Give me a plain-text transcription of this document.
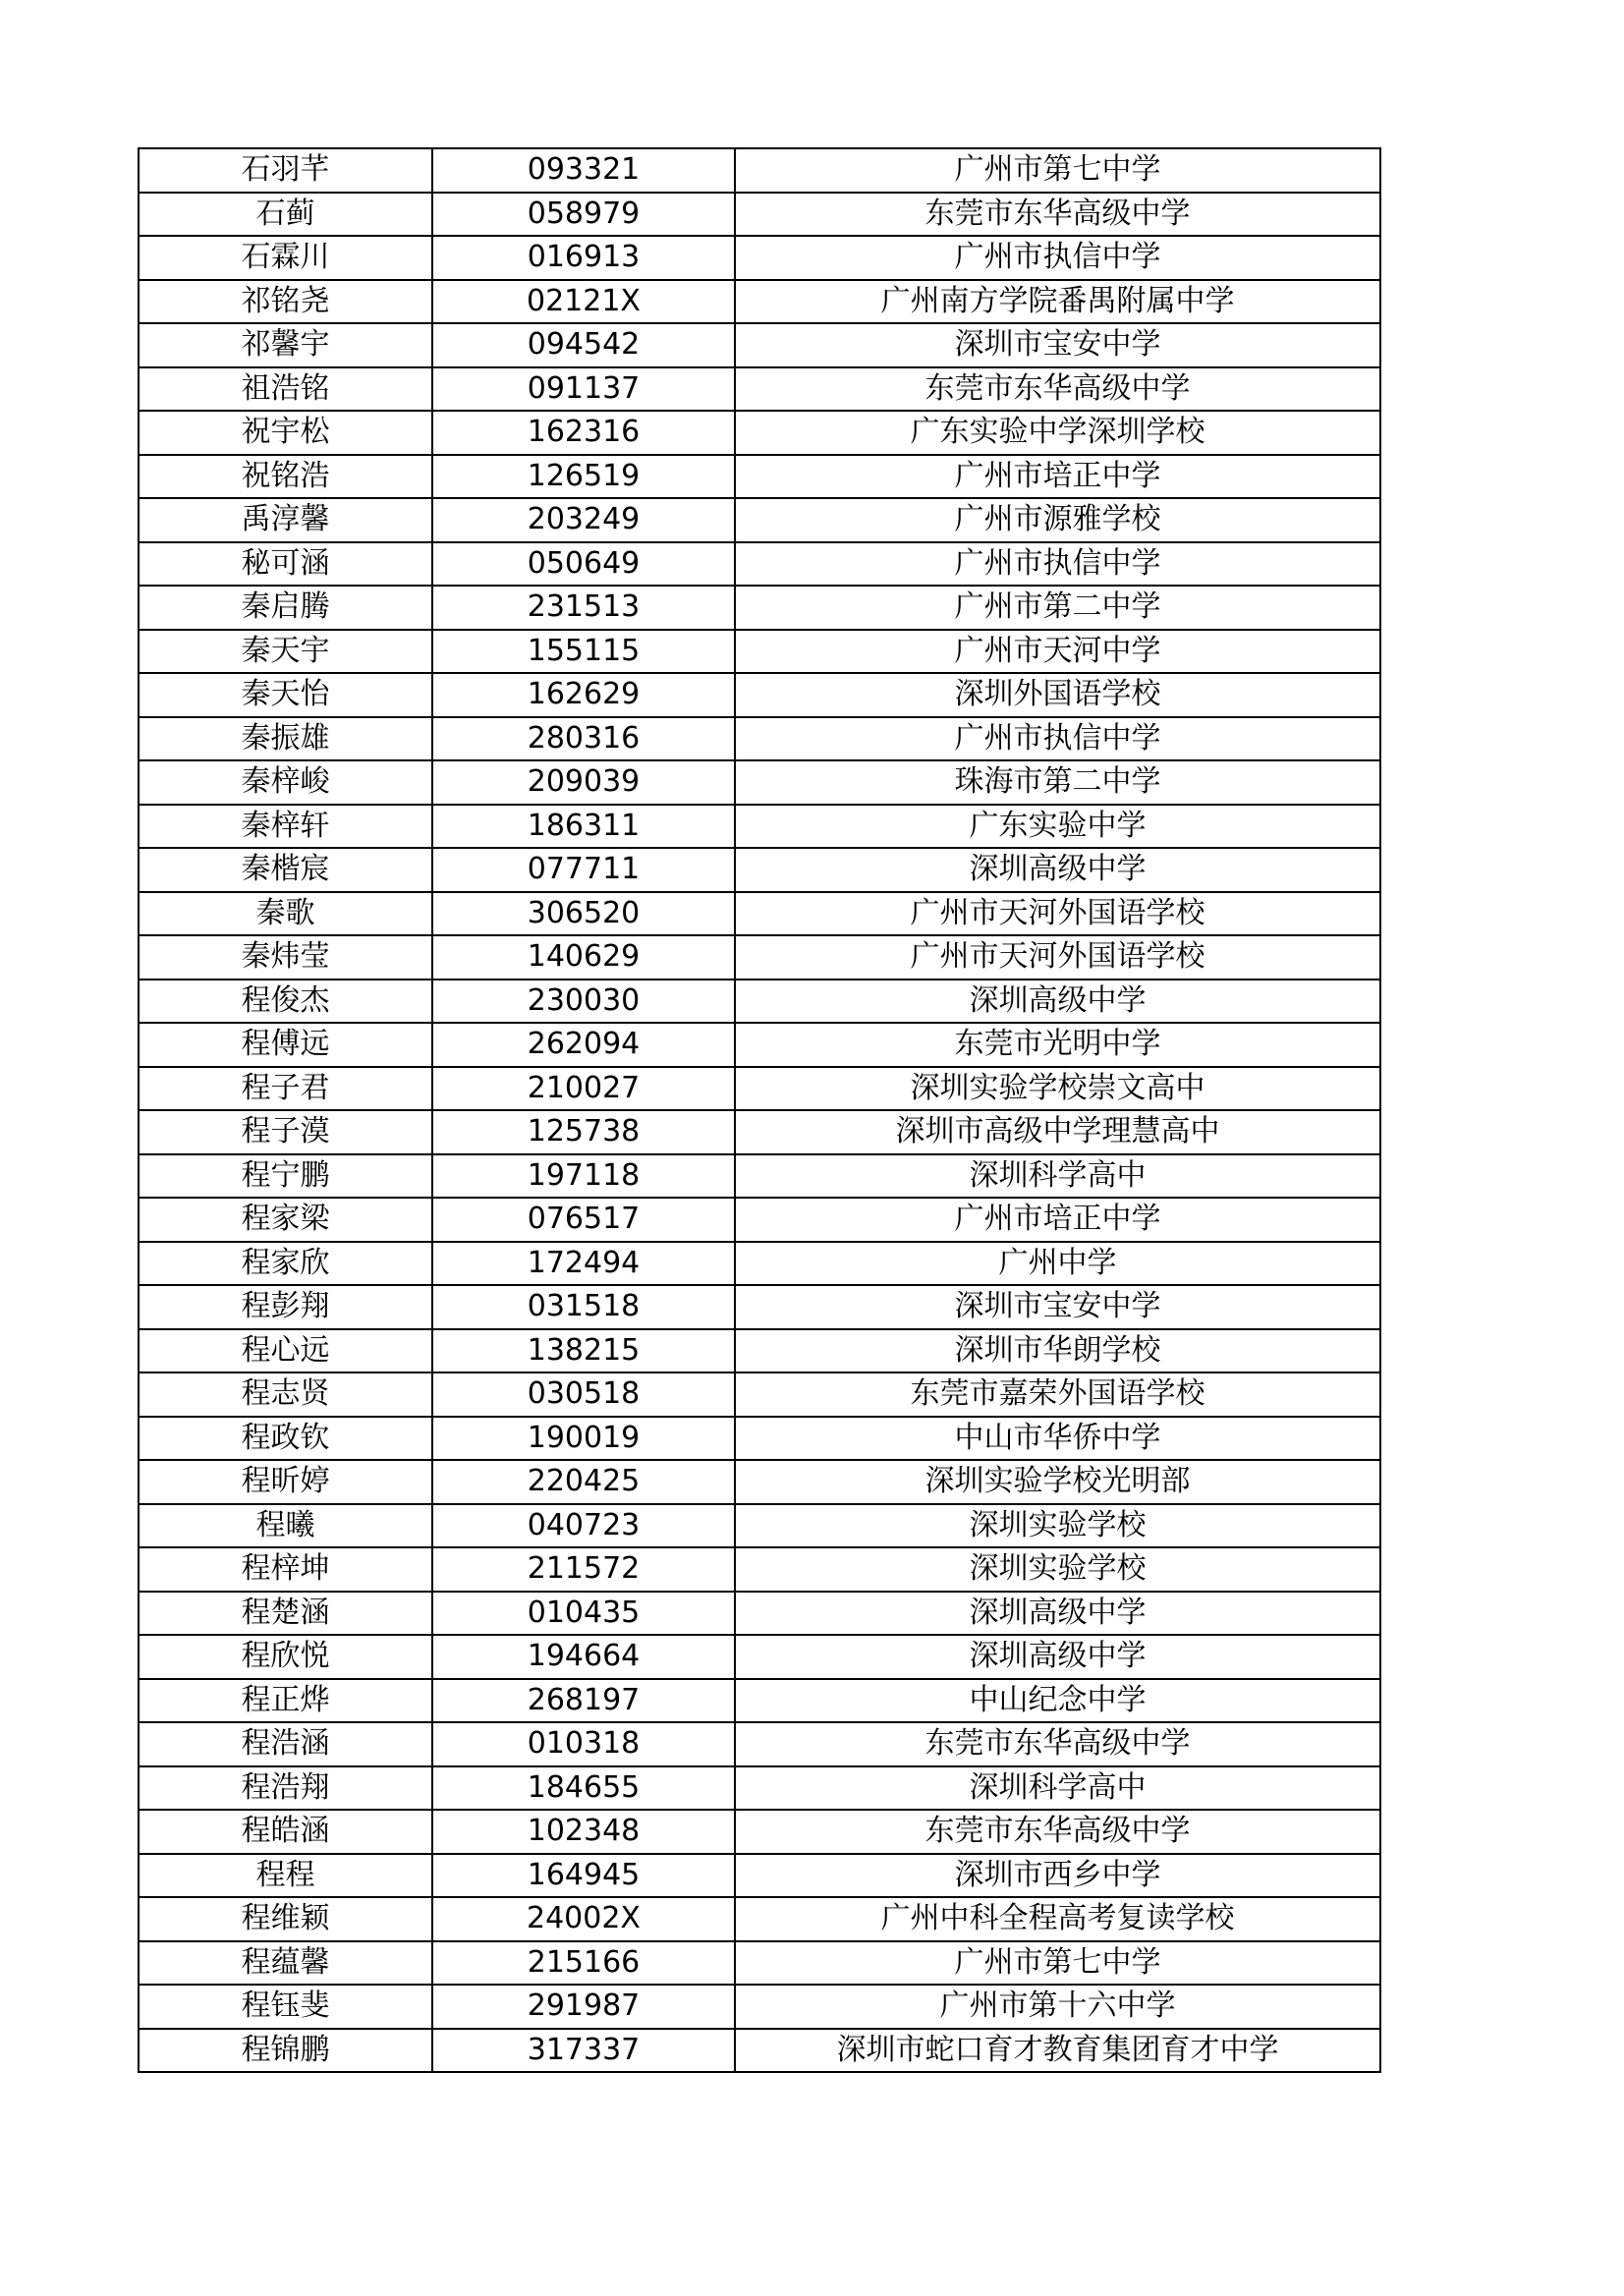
石羽芊	093321	广州市第七中学
石蓟	058979	东莞市东华高级中学
石霖川	016913	广州市执信中学
祁铭尧	02121X	广州南方学院番禺附属中学
祁馨宇	094542	深圳市宝安中学
祖浩铭	091137	东莞市东华高级中学
祝宇松	162316	广东实验中学深圳学校
祝铭浩	126519	广州市培正中学
禹淳馨	203249	广州市源雅学校
秘可涵	050649	广州市执信中学
秦启腾	231513	广州市第二中学
秦天宇	155115	广州市天河中学
秦天怡	162629	深圳外国语学校
秦振雄	280316	广州市执信中学
秦梓峻	209039	珠海市第二中学
秦梓轩	186311	广东实验中学
秦楷宸	077711	深圳高级中学
秦歌	306520	广州市天河外国语学校
秦炜莹	140629	广州市天河外国语学校
程俊杰	230030	深圳高级中学
程傅远	262094	东莞市光明中学
程子君	210027	深圳实验学校崇文高中
程子漠	125738	深圳市高级中学理慧高中
程宁鹏	197118	深圳科学高中
程家梁	076517	广州市培正中学
程家欣	172494	广州中学
程彭翔	031518	深圳市宝安中学
程心远	138215	深圳市华朗学校
程志贤	030518	东莞市嘉荣外国语学校
程政钦	190019	中山市华侨中学
程昕婷	220425	深圳实验学校光明部
程曦	040723	深圳实验学校
程梓坤	211572	深圳实验学校
程楚涵	010435	深圳高级中学
程欣悦	194664	深圳高级中学
程正烨	268197	中山纪念中学
程浩涵	010318	东莞市东华高级中学
程浩翔	184655	深圳科学高中
程皓涵	102348	东莞市东华高级中学
程程	164945	深圳市西乡中学
程维颖	24002X	广州中科全程高考复读学校
程蕴馨	215166	广州市第七中学
程钰斐	291987	广州市第十六中学
程锦鹏	317337	深圳市蛇口育才教育集团育才中学
